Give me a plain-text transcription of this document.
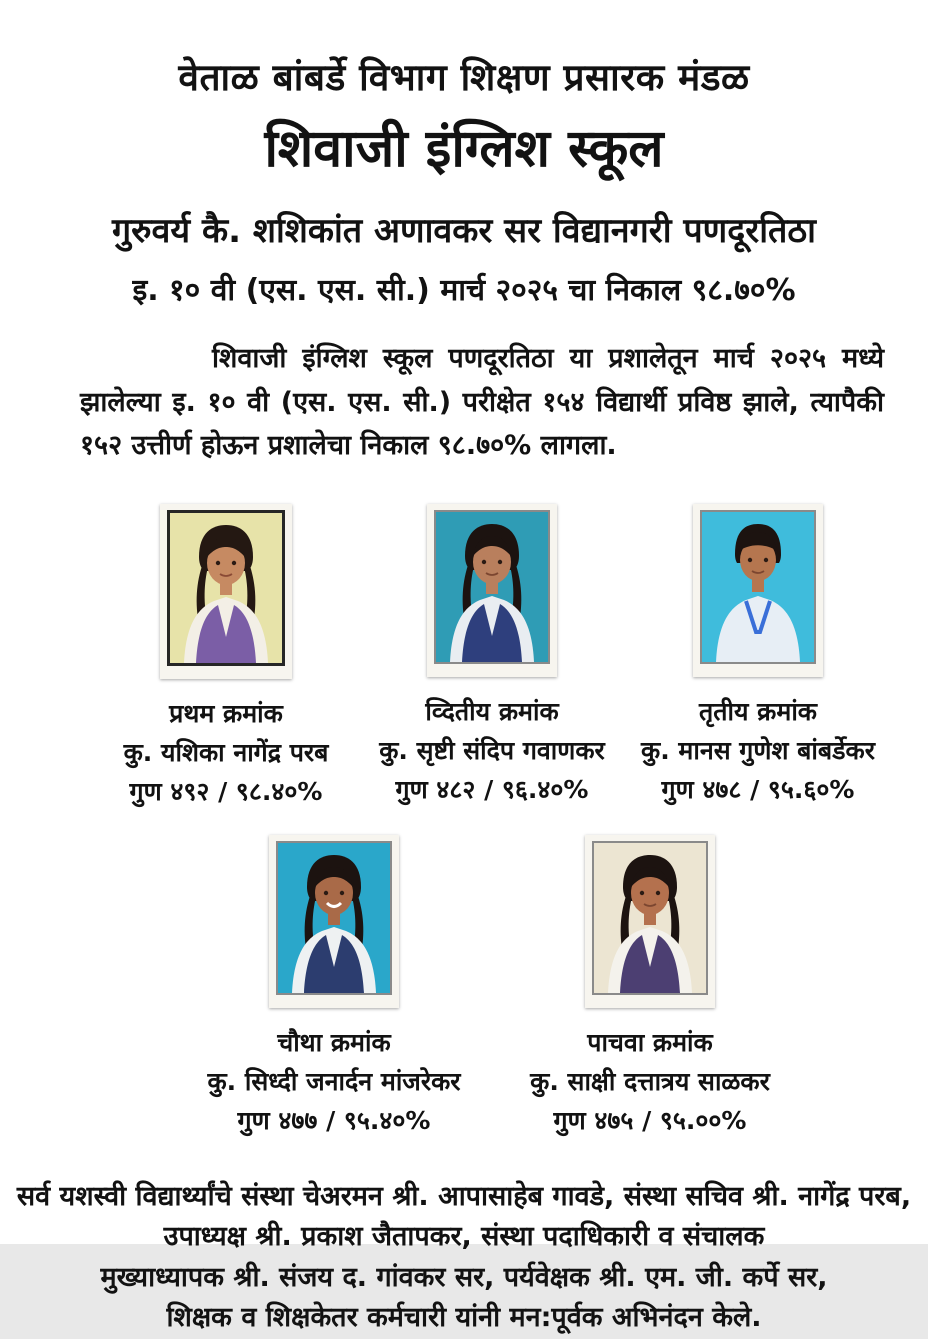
वेताळ बांबर्डे विभाग शिक्षण प्रसारक मंडळ
शिवाजी इंग्लिश स्कूल
गुरुवर्य कै. शशिकांत अणावकर सर विद्यानगरी पणदूरतिठा
इ. १० वी (एस. एस. सी.) मार्च २०२५ चा निकाल ९८.७०%

शिवाजी इंग्लिश स्कूल पणदूरतिठा या प्रशालेतून मार्च २०२५ मध्ये झालेल्या इ. १० वी (एस. एस. सी.) परीक्षेत १५४ विद्यार्थी प्रविष्ठ झाले, त्यापैकी १५२ उत्तीर्ण होऊन प्रशालेचा निकाल ९८.७०% लागला.

प्रथम क्रमांक
कु. यशिका नागेंद्र परब
गुण ४९२ / ९८.४०%
व्दितीय क्रमांक
कु. सृष्टी संदिप गवाणकर
गुण ४८२ / ९६.४०%
तृतीय क्रमांक
कु. मानस गुणेश बांबर्डेकर
गुण ४७८ / ९५.६०%
चौथा क्रमांक
कु. सिध्दी जनार्दन मांजरेकर
गुण ४७७ / ९५.४०%
पाचवा क्रमांक
कु. साक्षी दत्तात्रय साळकर
गुण ४७५ / ९५.००%
सर्व यशस्वी विद्यार्थ्यांचे संस्था चेअरमन श्री. आपासाहेब गावडे, संस्था सचिव श्री. नागेंद्र परब,
उपाध्यक्ष श्री. प्रकाश जैतापकर, संस्था पदाधिकारी व संचालक
मुख्याध्यापक श्री. संजय द. गांवकर सर, पर्यवेक्षक श्री. एम. जी. कर्पे सर,
शिक्षक व शिक्षकेतर कर्मचारी यांनी मन:पूर्वक अभिनंदन केले.
